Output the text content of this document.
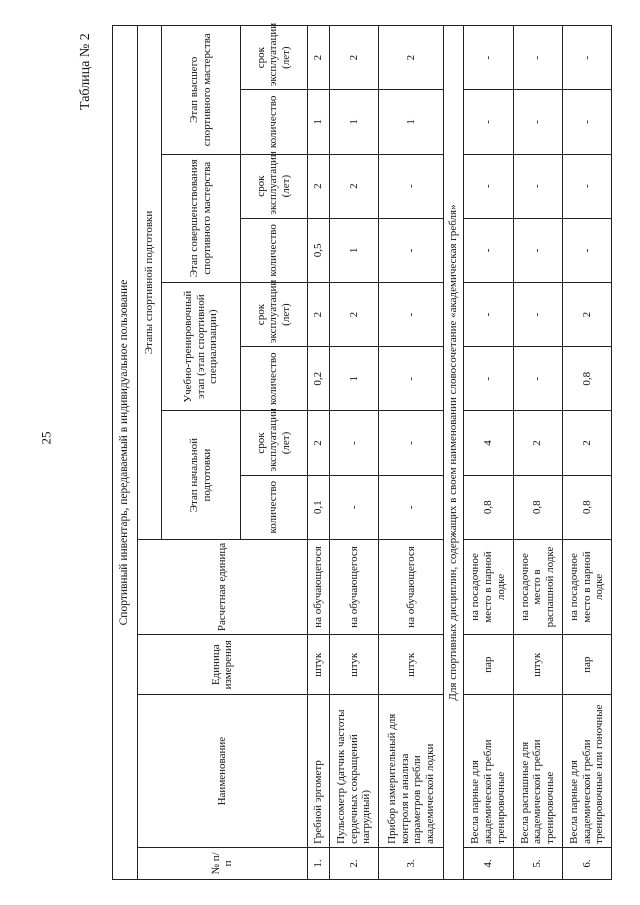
25
Таблица № 2
Спортивный инвентарь, передаваемый в индивидуальное пользование											
№ п/п	Наименование	Единица измерения	Расчетная единица	Этапы спортивной подготовки							
				Этап начальной подготовки		Учебно-тренировочный этап (этап спортивной специализации)		Этап совершенствования спортивного мастерства		Этап высшего спортивного мастерства	
				количество	срок эксплуатации (лет)	количество	срок эксплуатации (лет)	количество	срок эксплуатации (лет)	количество	срок эксплуатации (лет)
1.	Гребной эргометр	штук	на обучающегося	0,1	2	0,2	2	0,5	2	1	2
2.	Пульсометр (датчик частоты сердечных сокращений нагрудный)	штук	на обучающегося	-	-	1	2	1	2	1	2
3.	Прибор измерительный для контроля и анализа параметров гребли академической лодки	штук	на обучающегося	-	-	-	-	-	-	1	2
Для спортивных дисциплин, содержащих в своем наименовании словосочетание «академическая гребля»											
4.	Весла парные для академической гребли тренировочные	пар	на посадочное место в парной лодке	0,8	4	-	-	-	-	-	-
5.	Весла распашные для академической гребли тренировочные	штук	на посадочное место в распашной лодке	0,8	2	-	-	-	-	-	-
6.	Весла парные для академической гребли тренировочные или гоночные	пар	на посадочное место в парной лодке	0,8	2	0,8	2	-	-	-	-
